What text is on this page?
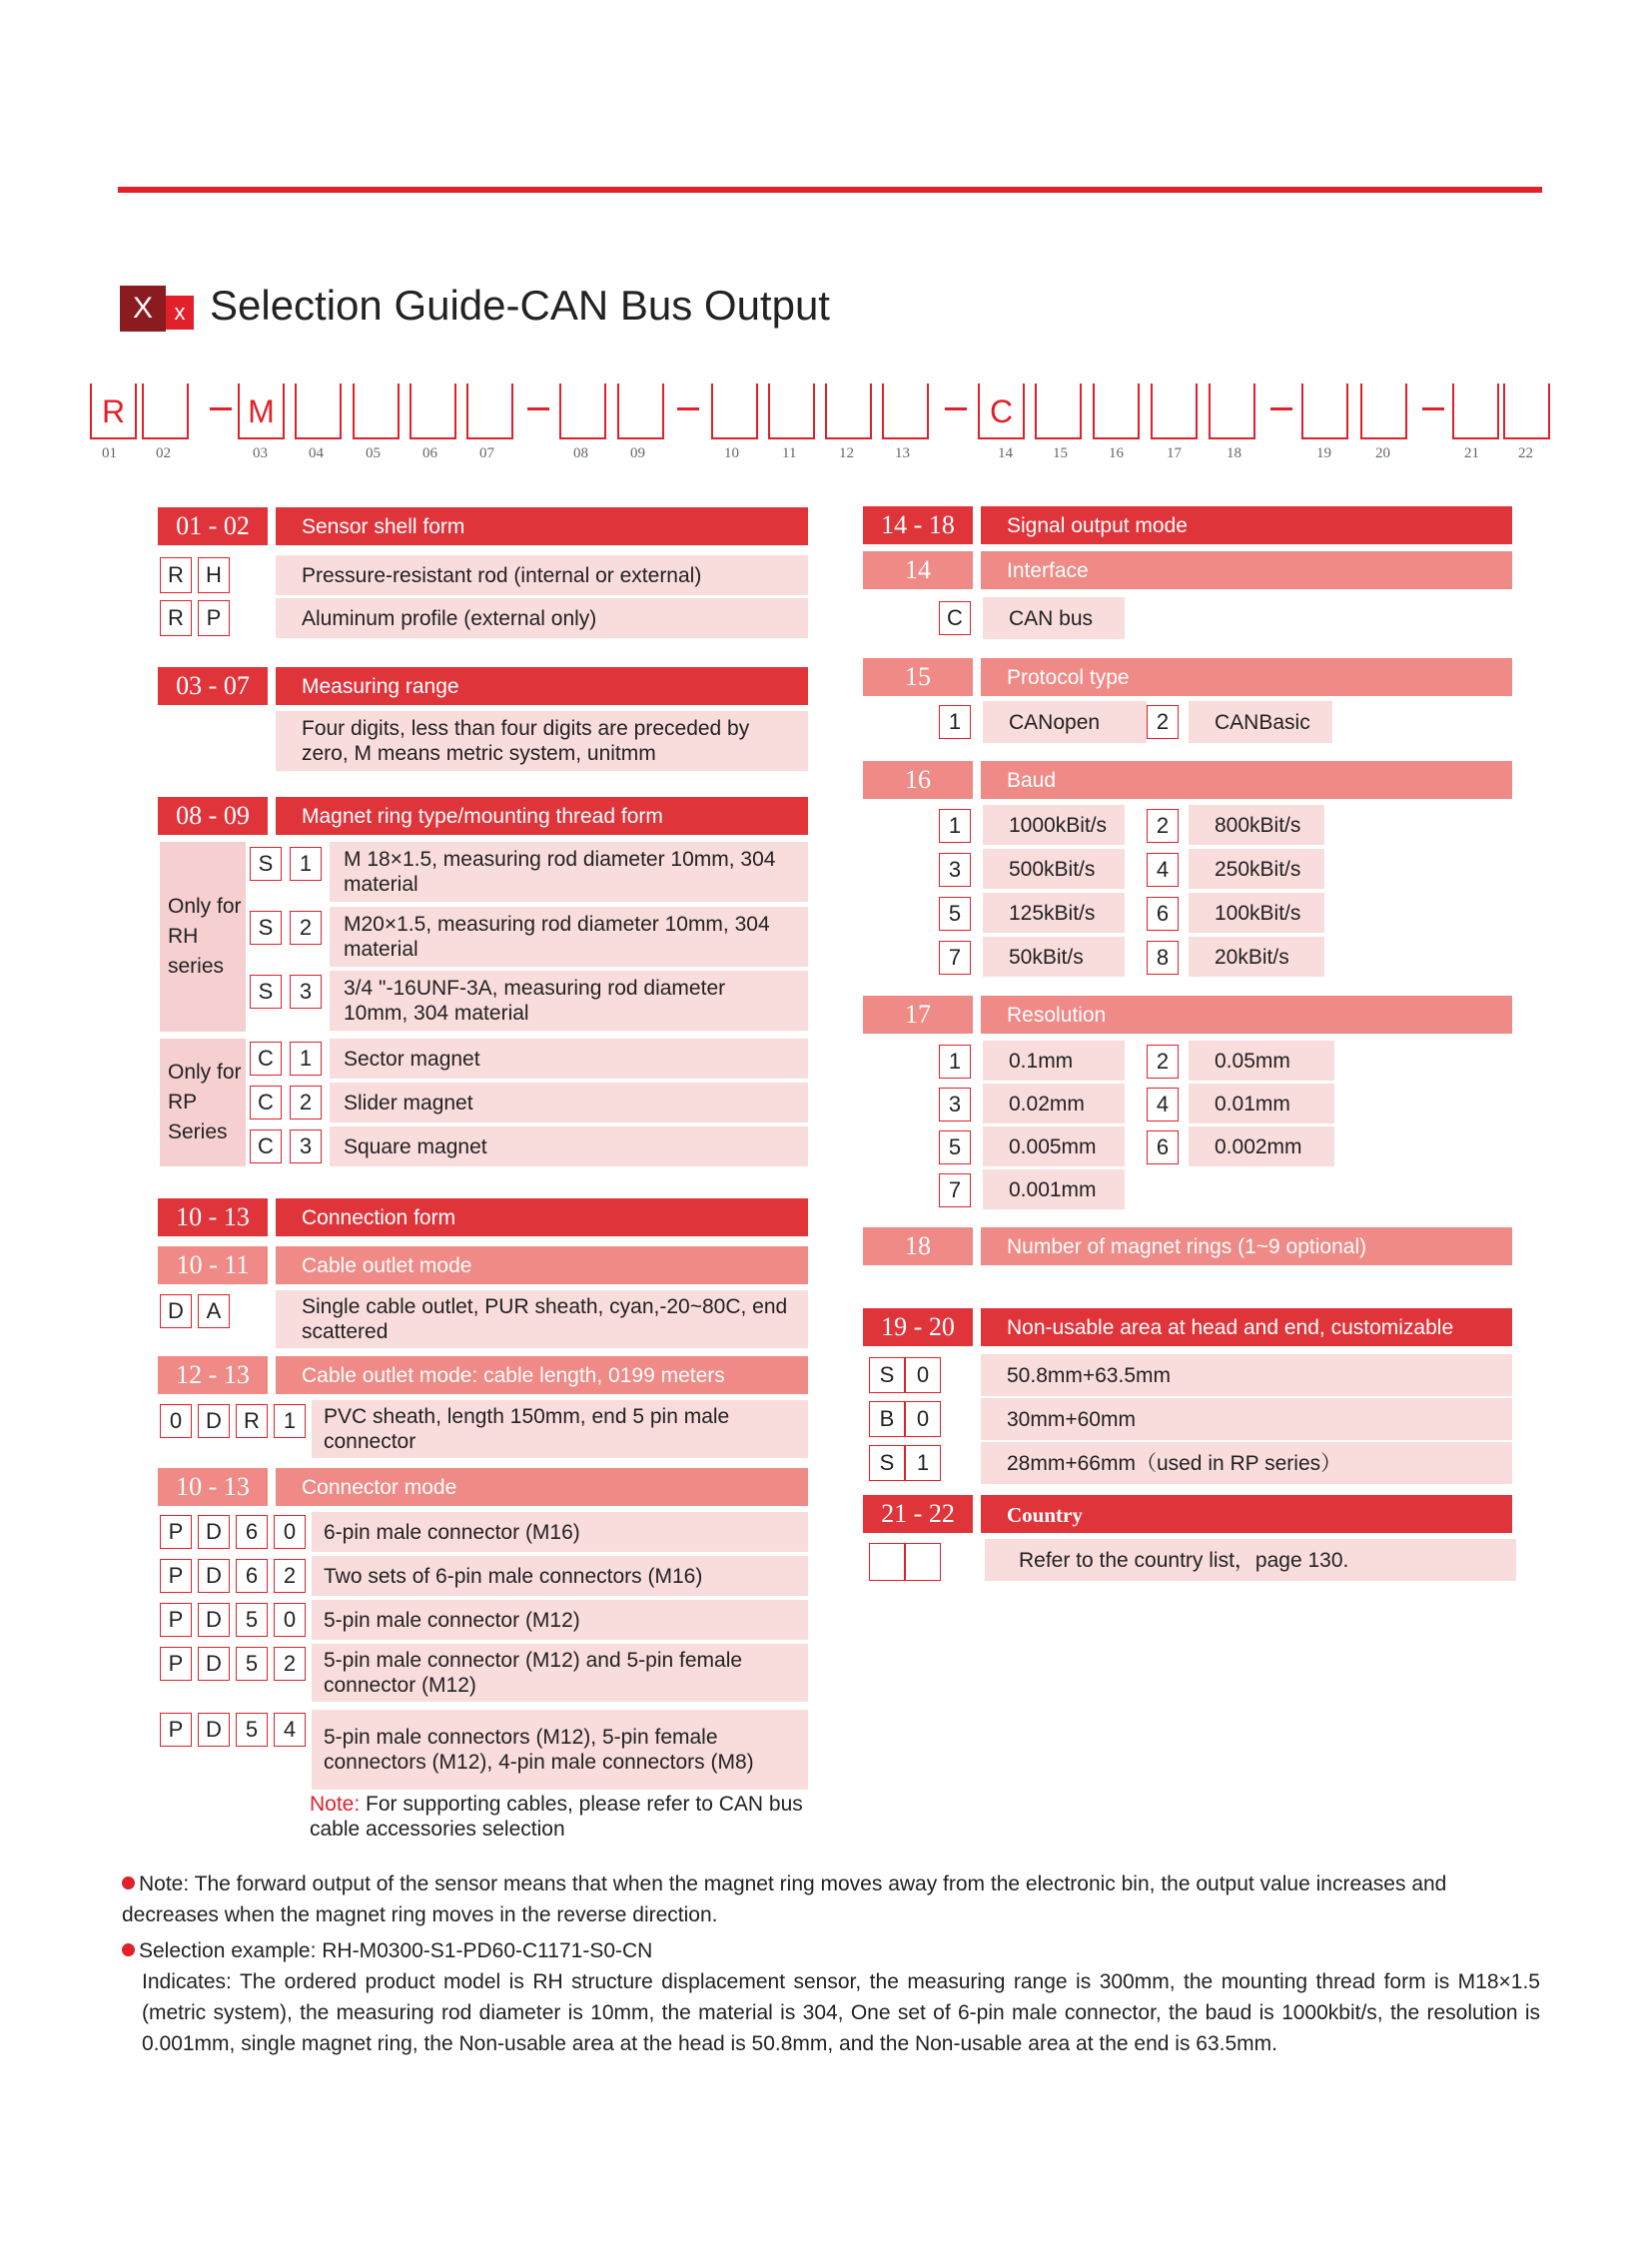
X x Selection Guide-CAN Bus Output
R
01	02
M
03	04	05	06	07	08	09	10	11	12	13
C
14	15	16	17	18	19	20	21	22
01 - 02	Sensor shell form
R	H	Pressure-resistant rod (internal or external)
R	P	Aluminum profile (external only)
03 - 07	Measuring range
Four digits, less than four digits are preceded by zero, M means metric system, unitmm
08 - 09	Magnet ring type/mounting thread form
Only for RH series
S	1	M 18×1.5, measuring rod diameter 10mm, 304 material
S	2	M20×1.5, measuring rod diameter 10mm, 304 material
S	3	3/4 "-16UNF-3A, measuring rod diameter 10mm, 304 material
Only for RP Series
C	1	Sector magnet
C	2	Slider magnet
C	3	Square magnet
10 - 13	Connection form
10 - 11	Cable outlet mode
D	A	Single cable outlet, PUR sheath, cyan,-20~80C, end scattered
12 - 13	Cable outlet mode: cable length, 0199 meters
0	D	R	1	PVC sheath, length 150mm, end 5 pin male connector
10 - 13	Connector mode
P	D	6	0	6-pin male connector (M16)
P	D	6	2	Two sets of 6-pin male connectors (M16)
P	D	5	0	5-pin male connector (M12)
P	D	5	2	5-pin male connector (M12) and 5-pin female connector (M12)
P	D	5	4	5-pin male connectors (M12), 5-pin female connectors (M12), 4-pin male connectors (M8)
Note: For supporting cables, please refer to CAN bus cable accessories selection
14 - 18	Signal output mode
14	Interface
C	CAN bus
15	Protocol type
1	CANopen	2	CANBasic
16	Baud
1	1000kBit/s	2	800kBit/s
3	500kBit/s	4	250kBit/s
5	125kBit/s	6	100kBit/s
7	50kBit/s	8	20kBit/s
17	Resolution
1	0.1mm	2	0.05mm
3	0.02mm	4	0.01mm
5	0.005mm	6	0.002mm
7	0.001mm
18	Number of magnet rings (1~9 optional)
19 - 20	Non-usable area at head and end, customizable
S	0	50.8mm+63.5mm
B	0	30mm+60mm
S	1	28mm+66mm（used in RP series）
21 - 22	Country
Refer to the country list，page 130.
Note: The forward output of the sensor means that when the magnet ring moves away from the electronic bin, the output value increases and decreases when the magnet ring moves in the reverse direction.
Selection example: RH-M0300-S1-PD60-C1171-S0-CN
Indicates: The ordered product model is RH structure displacement sensor, the measuring range is 300mm, the mounting thread form is M18×1.5 (metric system), the measuring rod diameter is 10mm, the material is 304, One set of 6-pin male connector, the baud is 1000kbit/s, the resolution is 0.001mm, single magnet ring, the Non-usable area at the head is 50.8mm, and the Non-usable area at the end is 63.5mm.
